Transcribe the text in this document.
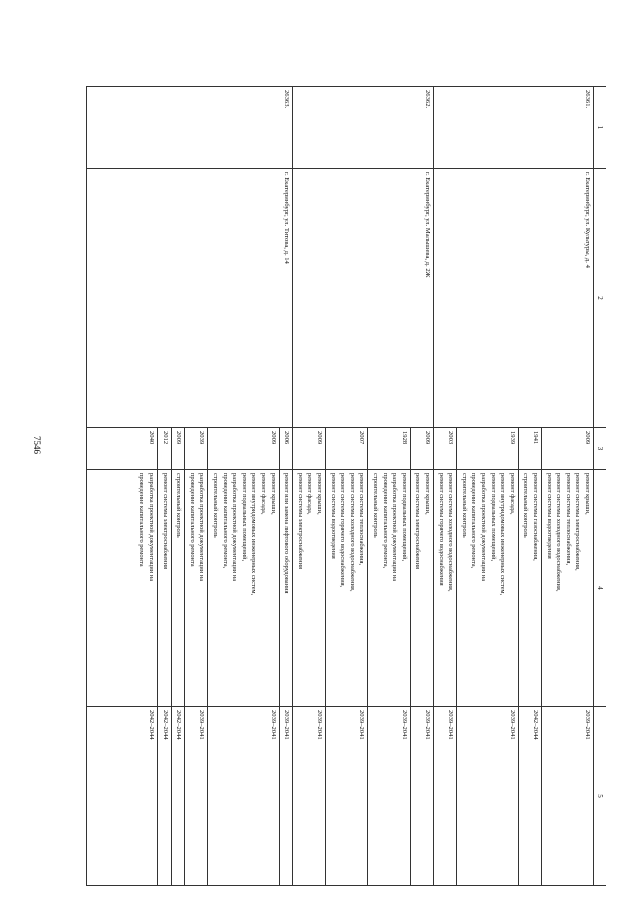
7546
1
26361.
26362.
26363.
2
г. Екатеринбург, ул. Культуры, д. 4
г. Екатеринбург, ул. Малышева, д. 2Ж
г. Екатеринбург, ул. Титова, д. 14
3
2009
1941
1939
2003
2009
1928
2007
2009
2006
2009
2039
2009
2012
2040
4
ремонт крыши,
ремонт системы электроснабжения,
ремонт системы теплоснабжения,
ремонт системы холодного водоснабжения,
ремонт системы водоотведения
ремонт системы газоснабжения,
строительный контроль
ремонт фасада,
ремонт внутридомовых инженерных систем,
ремонт подвальных помещений,
разработка проектной документации на
проведение капитального ремонта,
строительный контроль
ремонт системы холодного водоснабжения,
ремонт системы горячего водоснабжения
ремонт крыши,
ремонт системы электроснабжения
ремонт подвальных помещений,
разработка проектной документации на
проведение капитального ремонта,
строительный контроль
ремонт системы теплоснабжения,
ремонт системы холодного водоснабжения,
ремонт системы горячего водоснабжения,
ремонт системы водоотведения
ремонт крыши,
ремонт фасада,
ремонт системы электроснабжения
ремонт или замена лифтового оборудования
ремонт крыши,
ремонт фасада,
ремонт внутридомовых инженерных систем,
ремонт подвальных помещений,
разработка проектной документации на
проведение капитального ремонта,
строительный контроль
разработка проектной документации на
проведение капитального ремонта
строительный контроль
ремонт системы электроснабжения
разработка проектной документации на
проведение капитального ремонта
5
2039–2041
2042–2044
2039–2041
2039–2041
2039–2041
2039–2041
2039–2041
2039–2041
2039–2041
2039–2041
2039–2041
2042–2044
2042–2044
2042–2044
